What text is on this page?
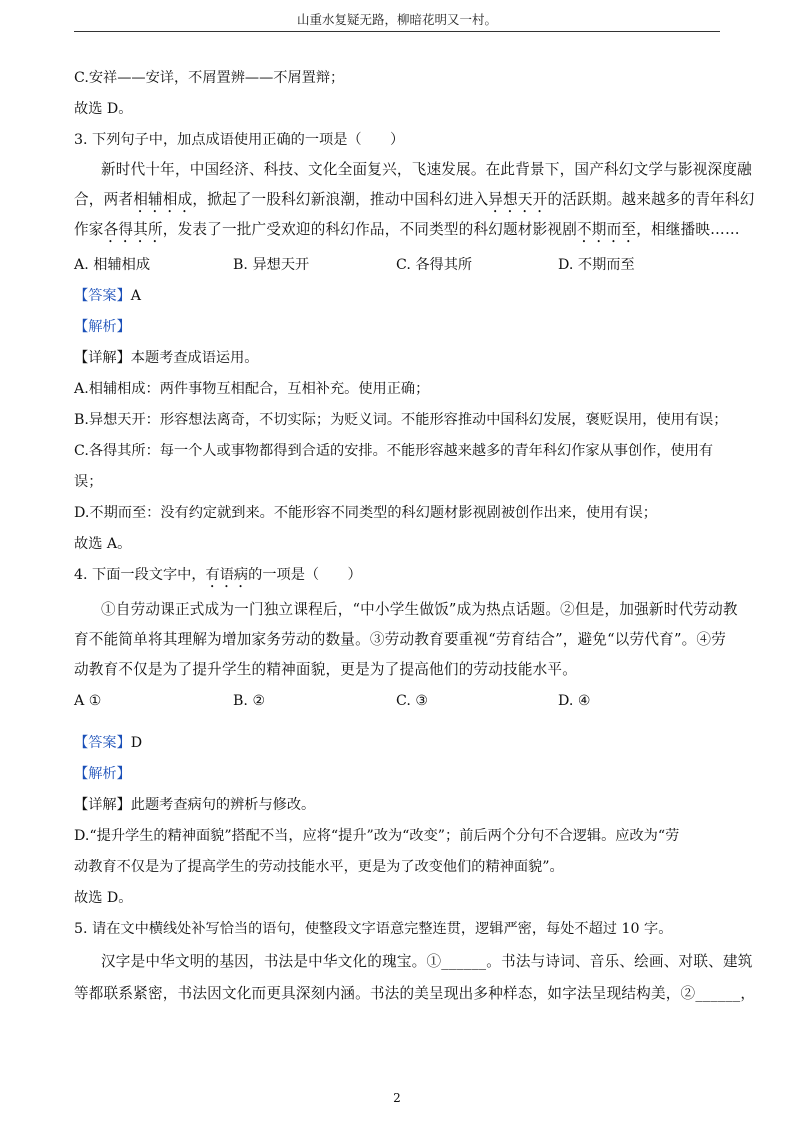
山重水复疑无路，柳暗花明又一村。
C.安祥——安详，不屑置辨——不屑置辩；
故选 D。
3. 下列句子中，加点成语使用正确的一项是（　　）
新时代十年，中国经济、科技、文化全面复兴，飞速发展。在此背景下，国产科幻文学与影视深度融
合，两者相辅相成，掀起了一股科幻新浪潮，推动中国科幻进入异想天开的活跃期。越来越多的青年科幻
作家各得其所，发表了一批广受欢迎的科幻作品，不同类型的科幻题材影视剧不期而至，相继播映……
A. 相辅相成	B. 异想天开	C. 各得其所	D. 不期而至
【答案】A
【解析】
【详解】本题考查成语运用。
A.相辅相成：两件事物互相配合，互相补充。使用正确；
B.异想天开：形容想法离奇，不切实际；为贬义词。不能形容推动中国科幻发展，褒贬误用，使用有误；
C.各得其所：每一个人或事物都得到合适的安排。不能形容越来越多的青年科幻作家从事创作，使用有
误；
D.不期而至：没有约定就到来。不能形容不同类型的科幻题材影视剧被创作出来，使用有误；
故选 A。
4. 下面一段文字中，有语病的一项是（　　）
①自劳动课正式成为一门独立课程后，“中小学生做饭”成为热点话题。②但是，加强新时代劳动教
育不能简单将其理解为增加家务劳动的数量。③劳动教育要重视“劳育结合”，避免“以劳代育”。④劳
动教育不仅是为了提升学生的精神面貌，更是为了提高他们的劳动技能水平。
A ①	B. ②	C. ③	D. ④
【答案】D
【解析】
【详解】此题考查病句的辨析与修改。
D.“提升学生的精神面貌”搭配不当，应将“提升”改为“改变”；前后两个分句不合逻辑。应改为“劳
动教育不仅是为了提高学生的劳动技能水平，更是为了改变他们的精神面貌”。
故选 D。
5. 请在文中横线处补写恰当的语句，使整段文字语意完整连贯，逻辑严密，每处不超过 10 字。
汉字是中华文明的基因，书法是中华文化的瑰宝。①______。书法与诗词、音乐、绘画、对联、建筑
等都联系紧密，书法因文化而更具深刻内涵。书法的美呈现出多种样态，如字法呈现结构美，②______，
2
